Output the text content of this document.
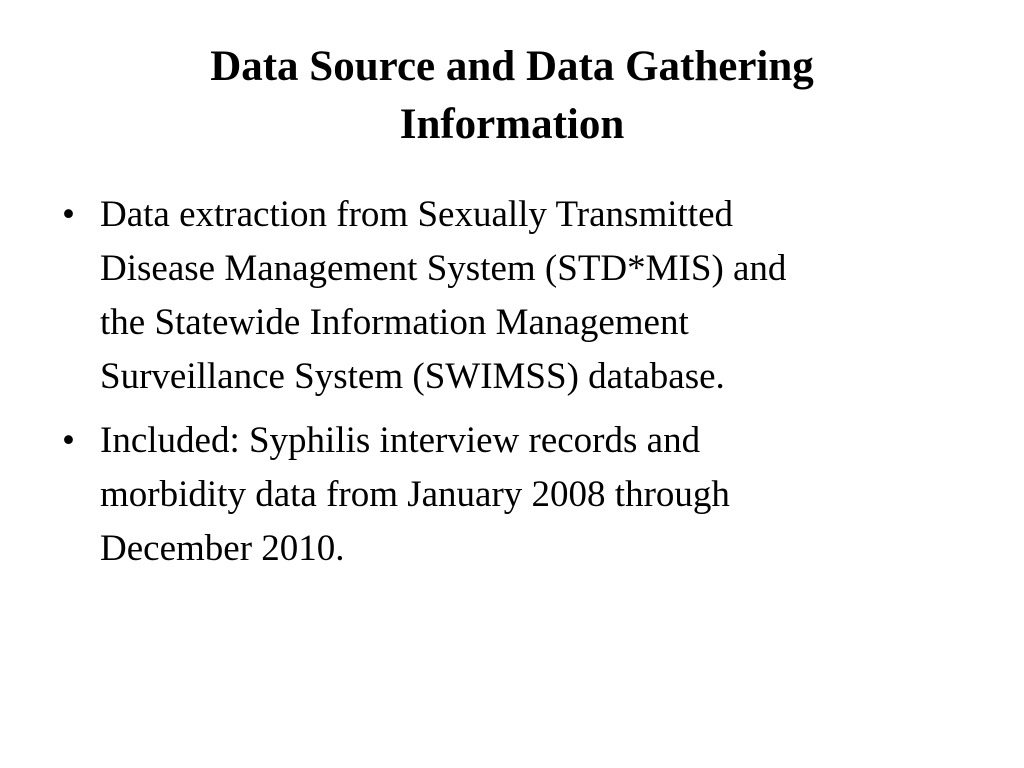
Data Source and Data Gathering
Information
• Data extraction from Sexually Transmitted
Disease Management System (STD*MIS) and
the Statewide Information Management
Surveillance System (SWIMSS) database.
• Included: Syphilis interview records and
morbidity data from January 2008 through
December 2010.
